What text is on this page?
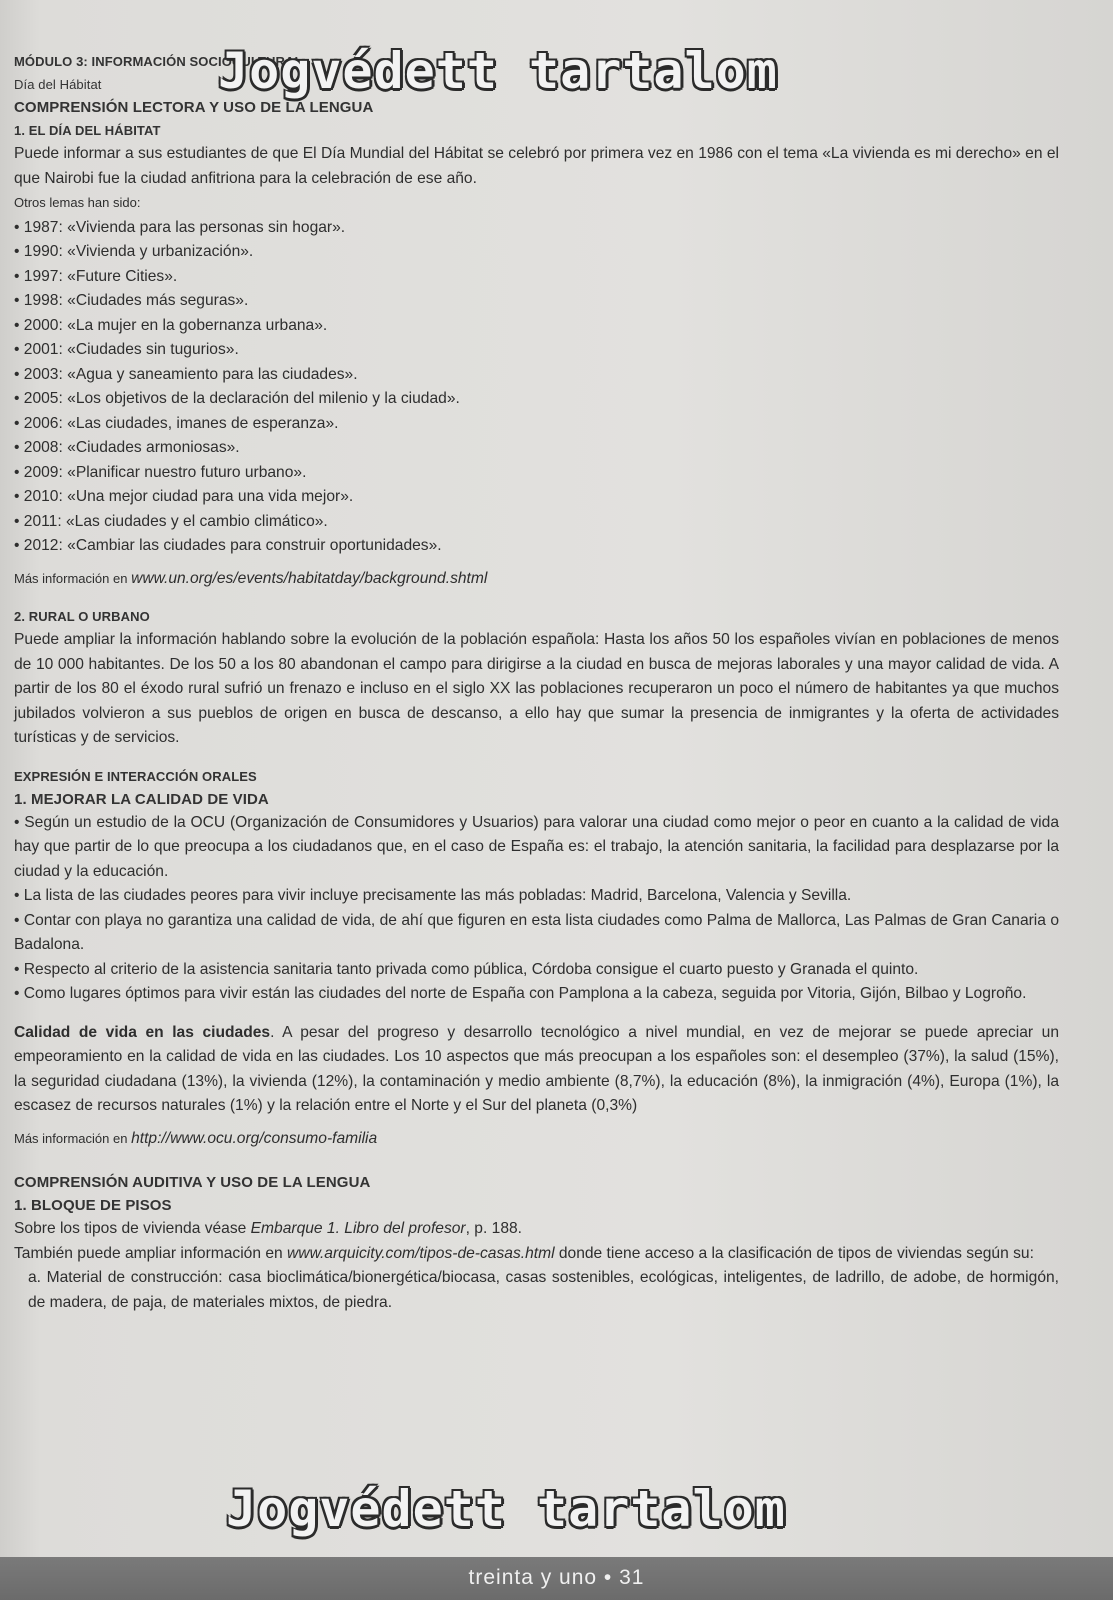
MÓDULO 3: INFORMACIÓN SOCIOCULTURAL

Día del Hábitat

COMPRENSIÓN LECTORA Y USO DE LA LENGUA

1. EL DÍA DEL HÁBITAT

Puede informar a sus estudiantes de que El Día Mundial del Hábitat se celebró por primera vez en 1986 con el tema «La vivienda es mi derecho» en el que Nairobi fue la ciudad anfitriona para la celebración de ese año.

Otros lemas han sido:

• 1987: «Vivienda para las personas sin hogar».
• 1990: «Vivienda y urbanización».
• 1997: «Future Cities».
• 1998: «Ciudades más seguras».
• 2000: «La mujer en la gobernanza urbana».
• 2001: «Ciudades sin tugurios».
• 2003: «Agua y saneamiento para las ciudades».
• 2005: «Los objetivos de la declaración del milenio y la ciudad».
• 2006: «Las ciudades, imanes de esperanza».
• 2008: «Ciudades armoniosas».
• 2009: «Planificar nuestro futuro urbano».
• 2010: «Una mejor ciudad para una vida mejor».
• 2011: «Las ciudades y el cambio climático».
• 2012: «Cambiar las ciudades para construir oportunidades».

Más información en www.un.org/es/events/habitatday/background.shtml

2. RURAL O URBANO

Puede ampliar la información hablando sobre la evolución de la población española: Hasta los años 50 los españoles vivían en poblaciones de menos de 10 000 habitantes. De los 50 a los 80 abandonan el campo para dirigirse a la ciudad en busca de mejoras laborales y una mayor calidad de vida. A partir de los 80 el éxodo rural sufrió un frenazo e incluso en el siglo XX las poblaciones recuperaron un poco el número de habitantes ya que muchos jubilados volvieron a sus pueblos de origen en busca de descanso, a ello hay que sumar la presencia de inmigrantes y la oferta de actividades turísticas y de servicios.

EXPRESIÓN E INTERACCIÓN ORALES

1. MEJORAR LA CALIDAD DE VIDA

• Según un estudio de la OCU (Organización de Consumidores y Usuarios) para valorar una ciudad como mejor o peor en cuanto a la calidad de vida hay que partir de lo que preocupa a los ciudadanos que, en el caso de España es: el trabajo, la atención sanitaria, la facilidad para desplazarse por la ciudad y la educación.
• La lista de las ciudades peores para vivir incluye precisamente las más pobladas: Madrid, Barcelona, Valencia y Sevilla.
• Contar con playa no garantiza una calidad de vida, de ahí que figuren en esta lista ciudades como Palma de Mallorca, Las Palmas de Gran Canaria o Badalona.
• Respecto al criterio de la asistencia sanitaria tanto privada como pública, Córdoba consigue el cuarto puesto y Granada el quinto.
• Como lugares óptimos para vivir están las ciudades del norte de España con Pamplona a la cabeza, seguida por Vitoria, Gijón, Bilbao y Logroño.

Calidad de vida en las ciudades. A pesar del progreso y desarrollo tecnológico a nivel mundial, en vez de mejorar se puede apreciar un empeoramiento en la calidad de vida en las ciudades. Los 10 aspectos que más preocupan a los españoles son: el desempleo (37%), la salud (15%), la seguridad ciudadana (13%), la vivienda (12%), la contaminación y medio ambiente (8,7%), la educación (8%), la inmigración (4%), Europa (1%), la escasez de recursos naturales (1%) y la relación entre el Norte y el Sur del planeta (0,3%)

Más información en http://www.ocu.org/consumo-familia

COMPRENSIÓN AUDITIVA Y USO DE LA LENGUA

1. BLOQUE DE PISOS

Sobre los tipos de vivienda véase Embarque 1. Libro del profesor, p. 188.

También puede ampliar información en www.arquicity.com/tipos-de-casas.html donde tiene acceso a la clasificación de tipos de viviendas según su:

a. Material de construcción: casa bioclimática/bionergética/biocasa, casas sostenibles, ecológicas, inteligentes, de ladrillo, de adobe, de hormigón, de madera, de paja, de materiales mixtos, de piedra.

Jogvédett tartalom
Jogvédett tartalom
treinta y uno • 31
